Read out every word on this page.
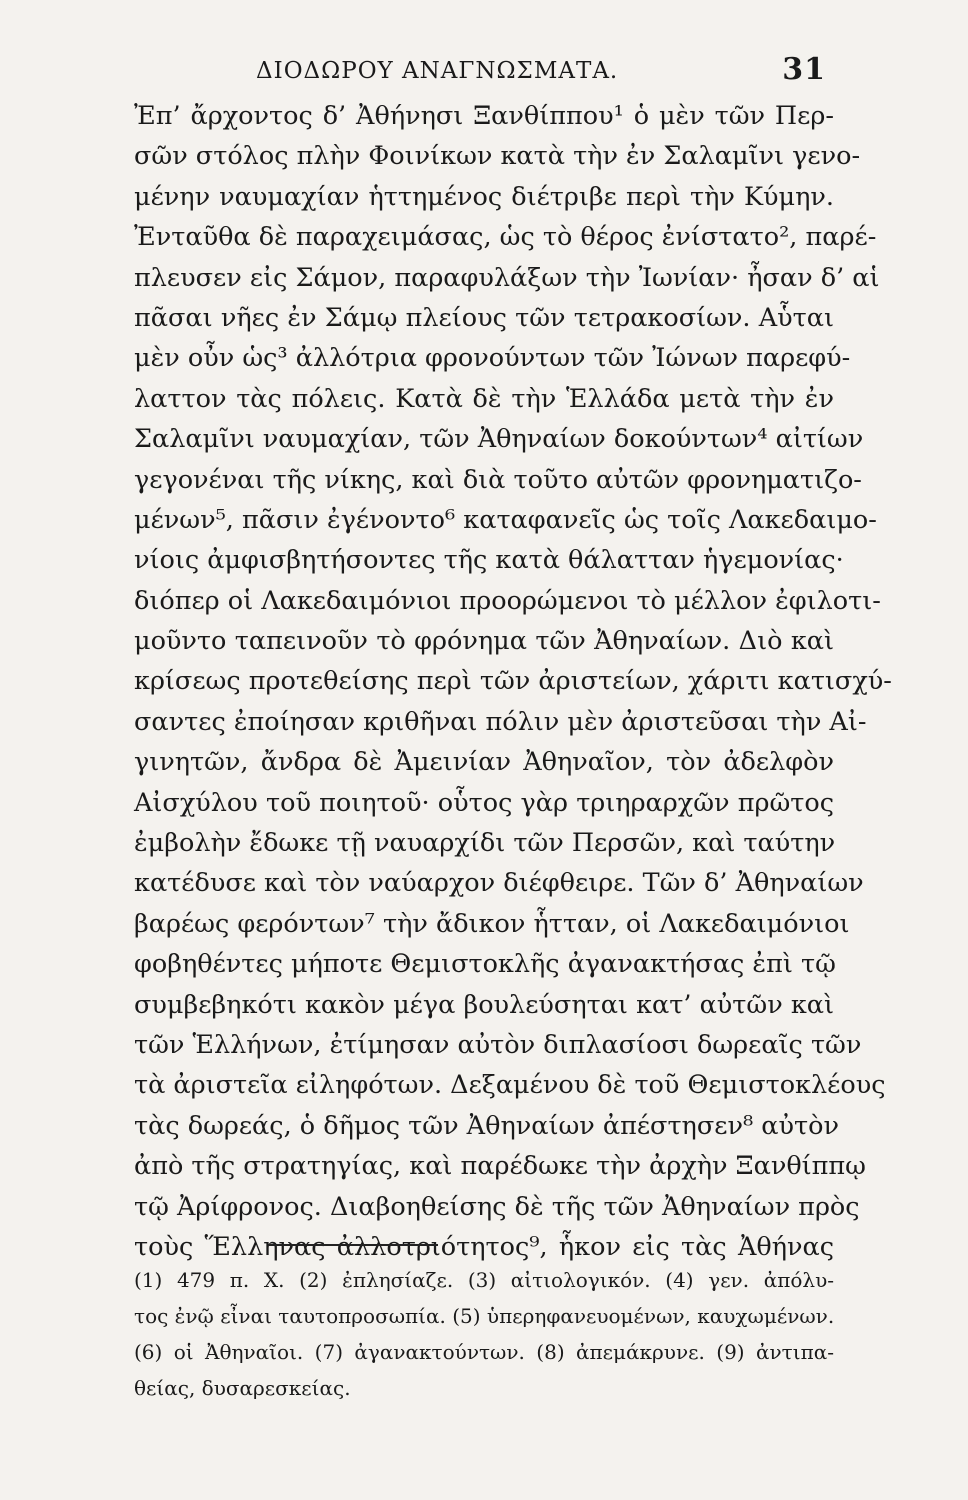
ΔΙΟΔΩΡΟΥ ΑΝΑΓΝΩΣΜΑΤΑ.	31
Ἐπ’ ἄρχοντος δ’ Ἀθήνησι Ξανθίππου¹ ὁ μὲν τῶν Περ-
σῶν στόλος πλὴν Φοινίκων κατὰ τὴν ἐν Σαλαμῖνι γενο-
μένην ναυμαχίαν ἡττημένος διέτριβε περὶ τὴν Κύμην.
Ἐνταῦθα δὲ παραχειμάσας, ὡς τὸ θέρος ἐνίστατο², παρέ-
πλευσεν εἰς Σάμον, παραφυλάξων τὴν Ἰωνίαν· ἦσαν δ’ αἱ
πᾶσαι νῆες ἐν Σάμῳ πλείους τῶν τετρακοσίων. Αὗται
μὲν οὖν ὡς³ ἀλλότρια φρονούντων τῶν Ἰώνων παρεφύ-
λαττον τὰς πόλεις. Κατὰ δὲ τὴν Ἑλλάδα μετὰ τὴν ἐν
Σαλαμῖνι ναυμαχίαν, τῶν Ἀθηναίων δοκούντων⁴ αἰτίων
γεγονέναι τῆς νίκης, καὶ διὰ τοῦτο αὐτῶν φρονηματιζο-
μένων⁵, πᾶσιν ἐγένοντο⁶ καταφανεῖς ὡς τοῖς Λακεδαιμο-
νίοις ἀμφισβητήσοντες τῆς κατὰ θάλατταν ἡγεμονίας·
διόπερ οἱ Λακεδαιμόνιοι προορώμενοι τὸ μέλλον ἐφιλοτι-
μοῦντο ταπεινοῦν τὸ φρόνημα τῶν Ἀθηναίων. Διὸ καὶ
κρίσεως προτεθείσης περὶ τῶν ἀριστείων, χάριτι κατισχύ-
σαντες ἐποίησαν κριθῆναι πόλιν μὲν ἀριστεῦσαι τὴν Αἰ-
γινητῶν, ἄνδρα δὲ Ἀμεινίαν Ἀθηναῖον, τὸν ἀδελφὸν
Αἰσχύλου τοῦ ποιητοῦ· οὗτος γὰρ τριηραρχῶν πρῶτος
ἐμβολὴν ἔδωκε τῇ ναυαρχίδι τῶν Περσῶν, καὶ ταύτην
κατέδυσε καὶ τὸν ναύαρχον διέφθειρε. Τῶν δ’ Ἀθηναίων
βαρέως φερόντων⁷ τὴν ἄδικον ἧτταν, οἱ Λακεδαιμόνιοι
φοβηθέντες μήποτε Θεμιστοκλῆς ἀγανακτήσας ἐπὶ τῷ
συμβεβηκότι κακὸν μέγα βουλεύσηται κατ’ αὐτῶν καὶ
τῶν Ἑλλήνων, ἐτίμησαν αὐτὸν διπλασίοσι δωρεαῖς τῶν
τὰ ἀριστεῖα εἰληφότων. Δεξαμένου δὲ τοῦ Θεμιστοκλέους
τὰς δωρεάς, ὁ δῆμος τῶν Ἀθηναίων ἀπέστησεν⁸ αὐτὸν
ἀπὸ τῆς στρατηγίας, καὶ παρέδωκε τὴν ἀρχὴν Ξανθίππῳ
τῷ Ἀρίφρονος. Διαβοηθείσης δὲ τῆς τῶν Ἀθηναίων πρὸς
τοὺς Ἕλληνας ἀλλοτριότητος⁹, ἧκον εἰς τὰς Ἀθήνας
(1) 479 π. Χ. (2) ἐπλησίαζε. (3) αἰτιολογικόν. (4) γεν. ἀπόλυ-
τος ἐνῷ εἶναι ταυτοπροσωπία. (5) ὑπερηφανευομένων, καυχωμένων.
(6) οἱ Ἀθηναῖοι. (7) ἀγανακτούντων. (8) ἀπεμάκρυνε. (9) ἀντιπα-
θείας, δυσαρεσκείας.
